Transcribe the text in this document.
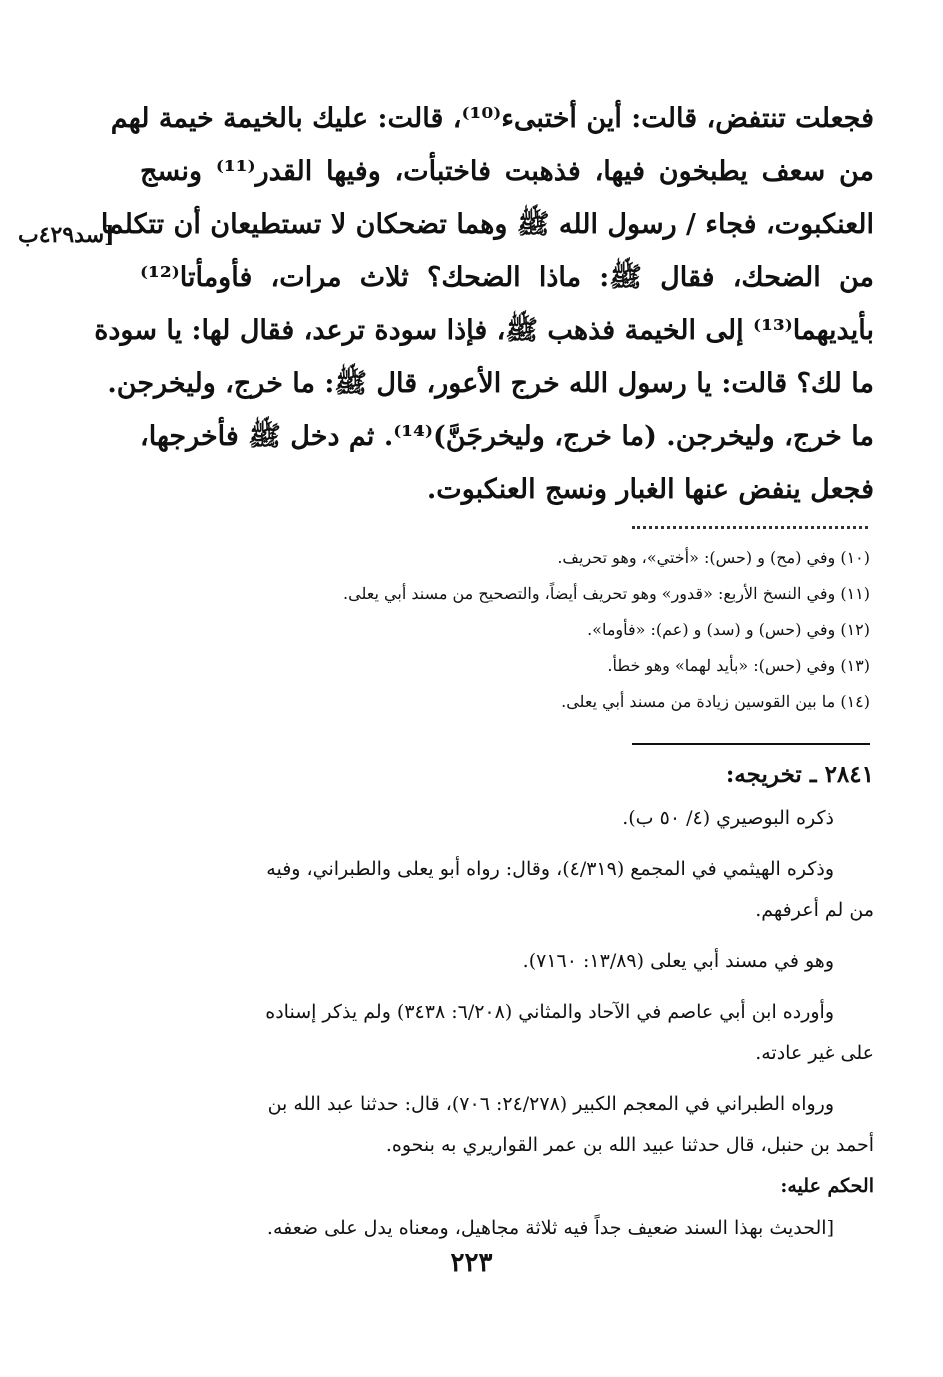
فجعلت تنتفض، قالت: أين أختبىء⁽¹⁰⁾، قالت: عليك بالخيمة خيمة لهم
من سعف يطبخون فيها، فذهبت فاختبأت، وفيها القدر⁽¹¹⁾ ونسج
العنكبوت، فجاء / رسول الله ﷺ وهما تضحكان لا تستطيعان أن تتكلما
من الضحك، فقال ﷺ: ماذا الضحك؟ ثلاث مرات، فأومأتا⁽¹²⁾
بأيديهما⁽¹³⁾ إلى الخيمة فذهب ﷺ، فإذا سودة ترعد، فقال لها: يا سودة
ما لك؟ قالت: يا رسول الله خرج الأعور، قال ﷺ: ما خرج، وليخرجن.
ما خرج، وليخرجن. (ما خرج، وليخرجَنَّ)⁽¹⁴⁾. ثم دخل ﷺ فأخرجها،
فجعل ينفض عنها الغبار ونسج العنكبوت.
[سد٤٢٩ب
(١٠) وفي (مح) و (حس): «أختي»، وهو تحريف.
(١١) وفي النسخ الأربع: «قدور» وهو تحريف أيضاً، والتصحيح من مسند أبي يعلى.
(١٢) وفي (حس) و (سد) و (عم): «فأوما».
(١٣) وفي (حس): «بأيد لهما» وهو خطأ.
(١٤) ما بين القوسين زيادة من مسند أبي يعلى.
٢٨٤١ ـ تخريجه:
ذكره البوصيري (٤/ ٥٠ ب).
وذكره الهيثمي في المجمع (٤/٣١٩)، وقال: رواه أبو يعلى والطبراني، وفيه
من لم أعرفهم.
وهو في مسند أبي يعلى (١٣/٨٩: ٧١٦٠).
وأورده ابن أبي عاصم في الآحاد والمثاني (٦/٢٠٨: ٣٤٣٨) ولم يذكر إسناده
على غير عادته.
ورواه الطبراني في المعجم الكبير (٢٤/٢٧٨: ٧٠٦)، قال: حدثنا عبد الله بن
أحمد بن حنبل، قال حدثنا عبيد الله بن عمر القواريري به بنحوه.
الحكم عليه:
[الحديث بهذا السند ضعيف جداً فيه ثلاثة مجاهيل، ومعناه يدل على ضعفه.
٢٢٣
